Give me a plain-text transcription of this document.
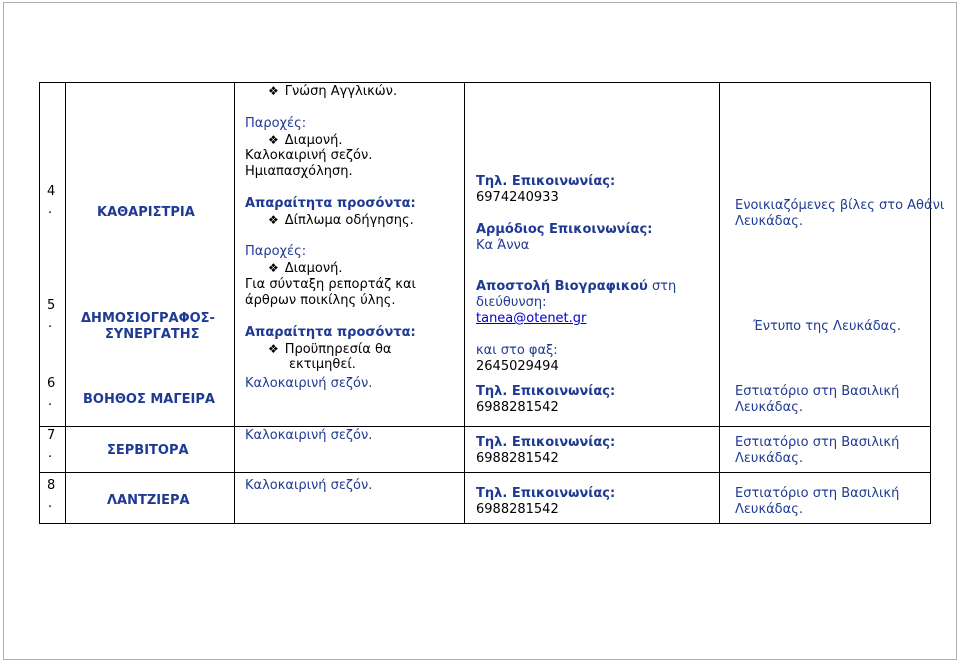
❖ Γνώση Αγγλικών.
4
.
5
.
6
.
7
.
8
.
ΚΑΘΑΡΙΣΤΡΙΑ
ΔΗΜΟΣΙΟΓΡΑΦΟΣ-
ΣΥΝΕΡΓΑΤΗΣ
ΒΟΗΘΟΣ ΜΑΓΕΙΡΑ
ΣΕΡΒΙΤΟΡΑ
ΛΑΝΤΖΙΕΡΑ
Παροχές:
❖ Διαμονή.
Καλοκαιρινή σεζόν.
Ημιαπασχόληση.
Απαραίτητα προσόντα:
❖ Δίπλωμα οδήγησης.
Παροχές:
❖ Διαμονή.
Για σύνταξη ρεπορτάζ και
άρθρων ποικίλης ύλης.
Απαραίτητα προσόντα:
❖ Προϋπηρεσία θα
εκτιμηθεί.
Καλοκαιρινή σεζόν.
Καλοκαιρινή σεζόν.
Καλοκαιρινή σεζόν.
Τηλ. Επικοινωνίας:
6974240933
Αρμόδιος Επικοινωνίας:
Κα Άννα
Αποστολή Βιογραφικού στη
διεύθυνση:
tanea@otenet.gr
και στο φαξ:
2645029494
Τηλ. Επικοινωνίας:
6988281542
Τηλ. Επικοινωνίας:
6988281542
Τηλ. Επικοινωνίας:
6988281542
Ενοικιαζόμενες βίλες στο Αθάνι
Λευκάδας.
Έντυπο της Λευκάδας.
Εστιατόριο στη Βασιλική
Λευκάδας.
Εστιατόριο στη Βασιλική
Λευκάδας.
Εστιατόριο στη Βασιλική
Λευκάδας.
